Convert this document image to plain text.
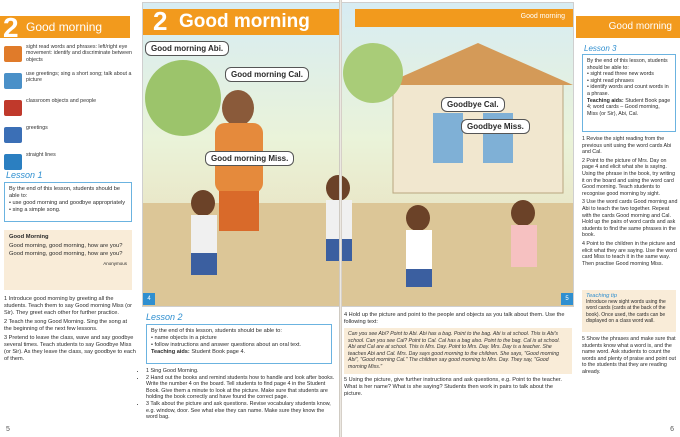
2 Good morning
sight read words and phrases: left/right eye movement: identify and discriminate between objects
use greetings; sing a short song; talk about a picture
classroom objects and people
greetings
straight lines
Lesson 1
By the end of this lesson, students should be able to:
• use good morning and goodbye appropriately
• sing a simple song.
Good Morning
Good morning, good morning, how are you?
Good morning, good morning, how are you?
Anonymous
1 Introduce good morning by greeting all the students. Teach them to say Good morning Miss (or Sir). They greet each other for further practice.
2 Teach the song Good Morning. Sing the song at the beginning of the next few lessons.
3 Pretend to leave the class, wave and say goodbye several times. Teach students to say Goodbye Miss (or Sir). As they leave the class, say goodbye to each of them.
2 Good morning	Good morning
Good morning Abi.
Good morning Cal.
Good morning Miss.
Goodbye Cal.
Goodbye Miss.
4	5
Lesson 2
By the end of this lesson, students should be able to:
• name objects in a picture
• follow instructions and answer questions about an oral text.
Teaching aids: Student Book page 4.
• 1 Sing Good Morning.
• 2 Hand out the books and remind students how to handle and look after books. Write the number 4 on the board. Tell students to find page 4 in the Student Book. Give them a minute to look at the picture. Make sure that students are holding the book correctly and have found the correct page.
• 3 Talk about the picture and ask questions. Revise vocabulary students know, e.g. window, door. See what else they can name. Make sure they know the word bag.
4 Hold up the picture and point to the people and objects as you talk about them. Use the following text:
Can you see Abi? Point to Abi. Abi has a bag. Point to the bag. Abi is at school. This is Abi's school. Can you see Cal? Point to Cal. Cal has a bag also. Point to the bag. Cal is at school. Abi and Cal are at school. This is Mrs. Day. Point to Mrs. Day. Mrs. Day is a teacher. She teaches Abi and Cal. Mrs. Day says good morning to the children. She says, "Good morning Abi", "Good morning Cal." The children say good morning to Mrs. Day. They say, "Good morning Miss."
5 Using the picture, give further instructions and ask questions, e.g. Point to the teacher. What is her name? What is she saying? Students then work in pairs to talk about the picture.
Good morning
Lesson 3
By the end of this lesson, students should be able to:
• sight read three new words
• sight read phrases
• identify words and count words in a phrase.
Teaching aids: Student Book page 4; word cards – Good morning, Miss (or Sir), Abi, Cal.
1 Revise the sight reading from the previous unit using the word cards Abi and Cal.
2 Point to the picture of Mrs. Day on page 4 and elicit what she is saying. Using the phrase in the book, try writing it on the board and using the word card Good morning. Teach students to recognise good morning by sight.
3 Use the word cards Good morning and Abi to teach the two together. Repeat with the cards Good morning and Cal. Hold up the pairs of word cards and ask students to find the same phrases in the book.
4 Point to the children in the picture and elicit what they are saying. Use the word card Miss to teach it in the same way. Then practise Good morning Miss.
Teaching tip
Introduce new sight words using the word cards (cards at the back of the book). Once used, the cards can be displayed on a class word wall.
5 Show the phrases and make sure that students know what a word is, and the name word. Ask students to count the words and plenty of praise and point out to the students that they are reading already.
5	6
